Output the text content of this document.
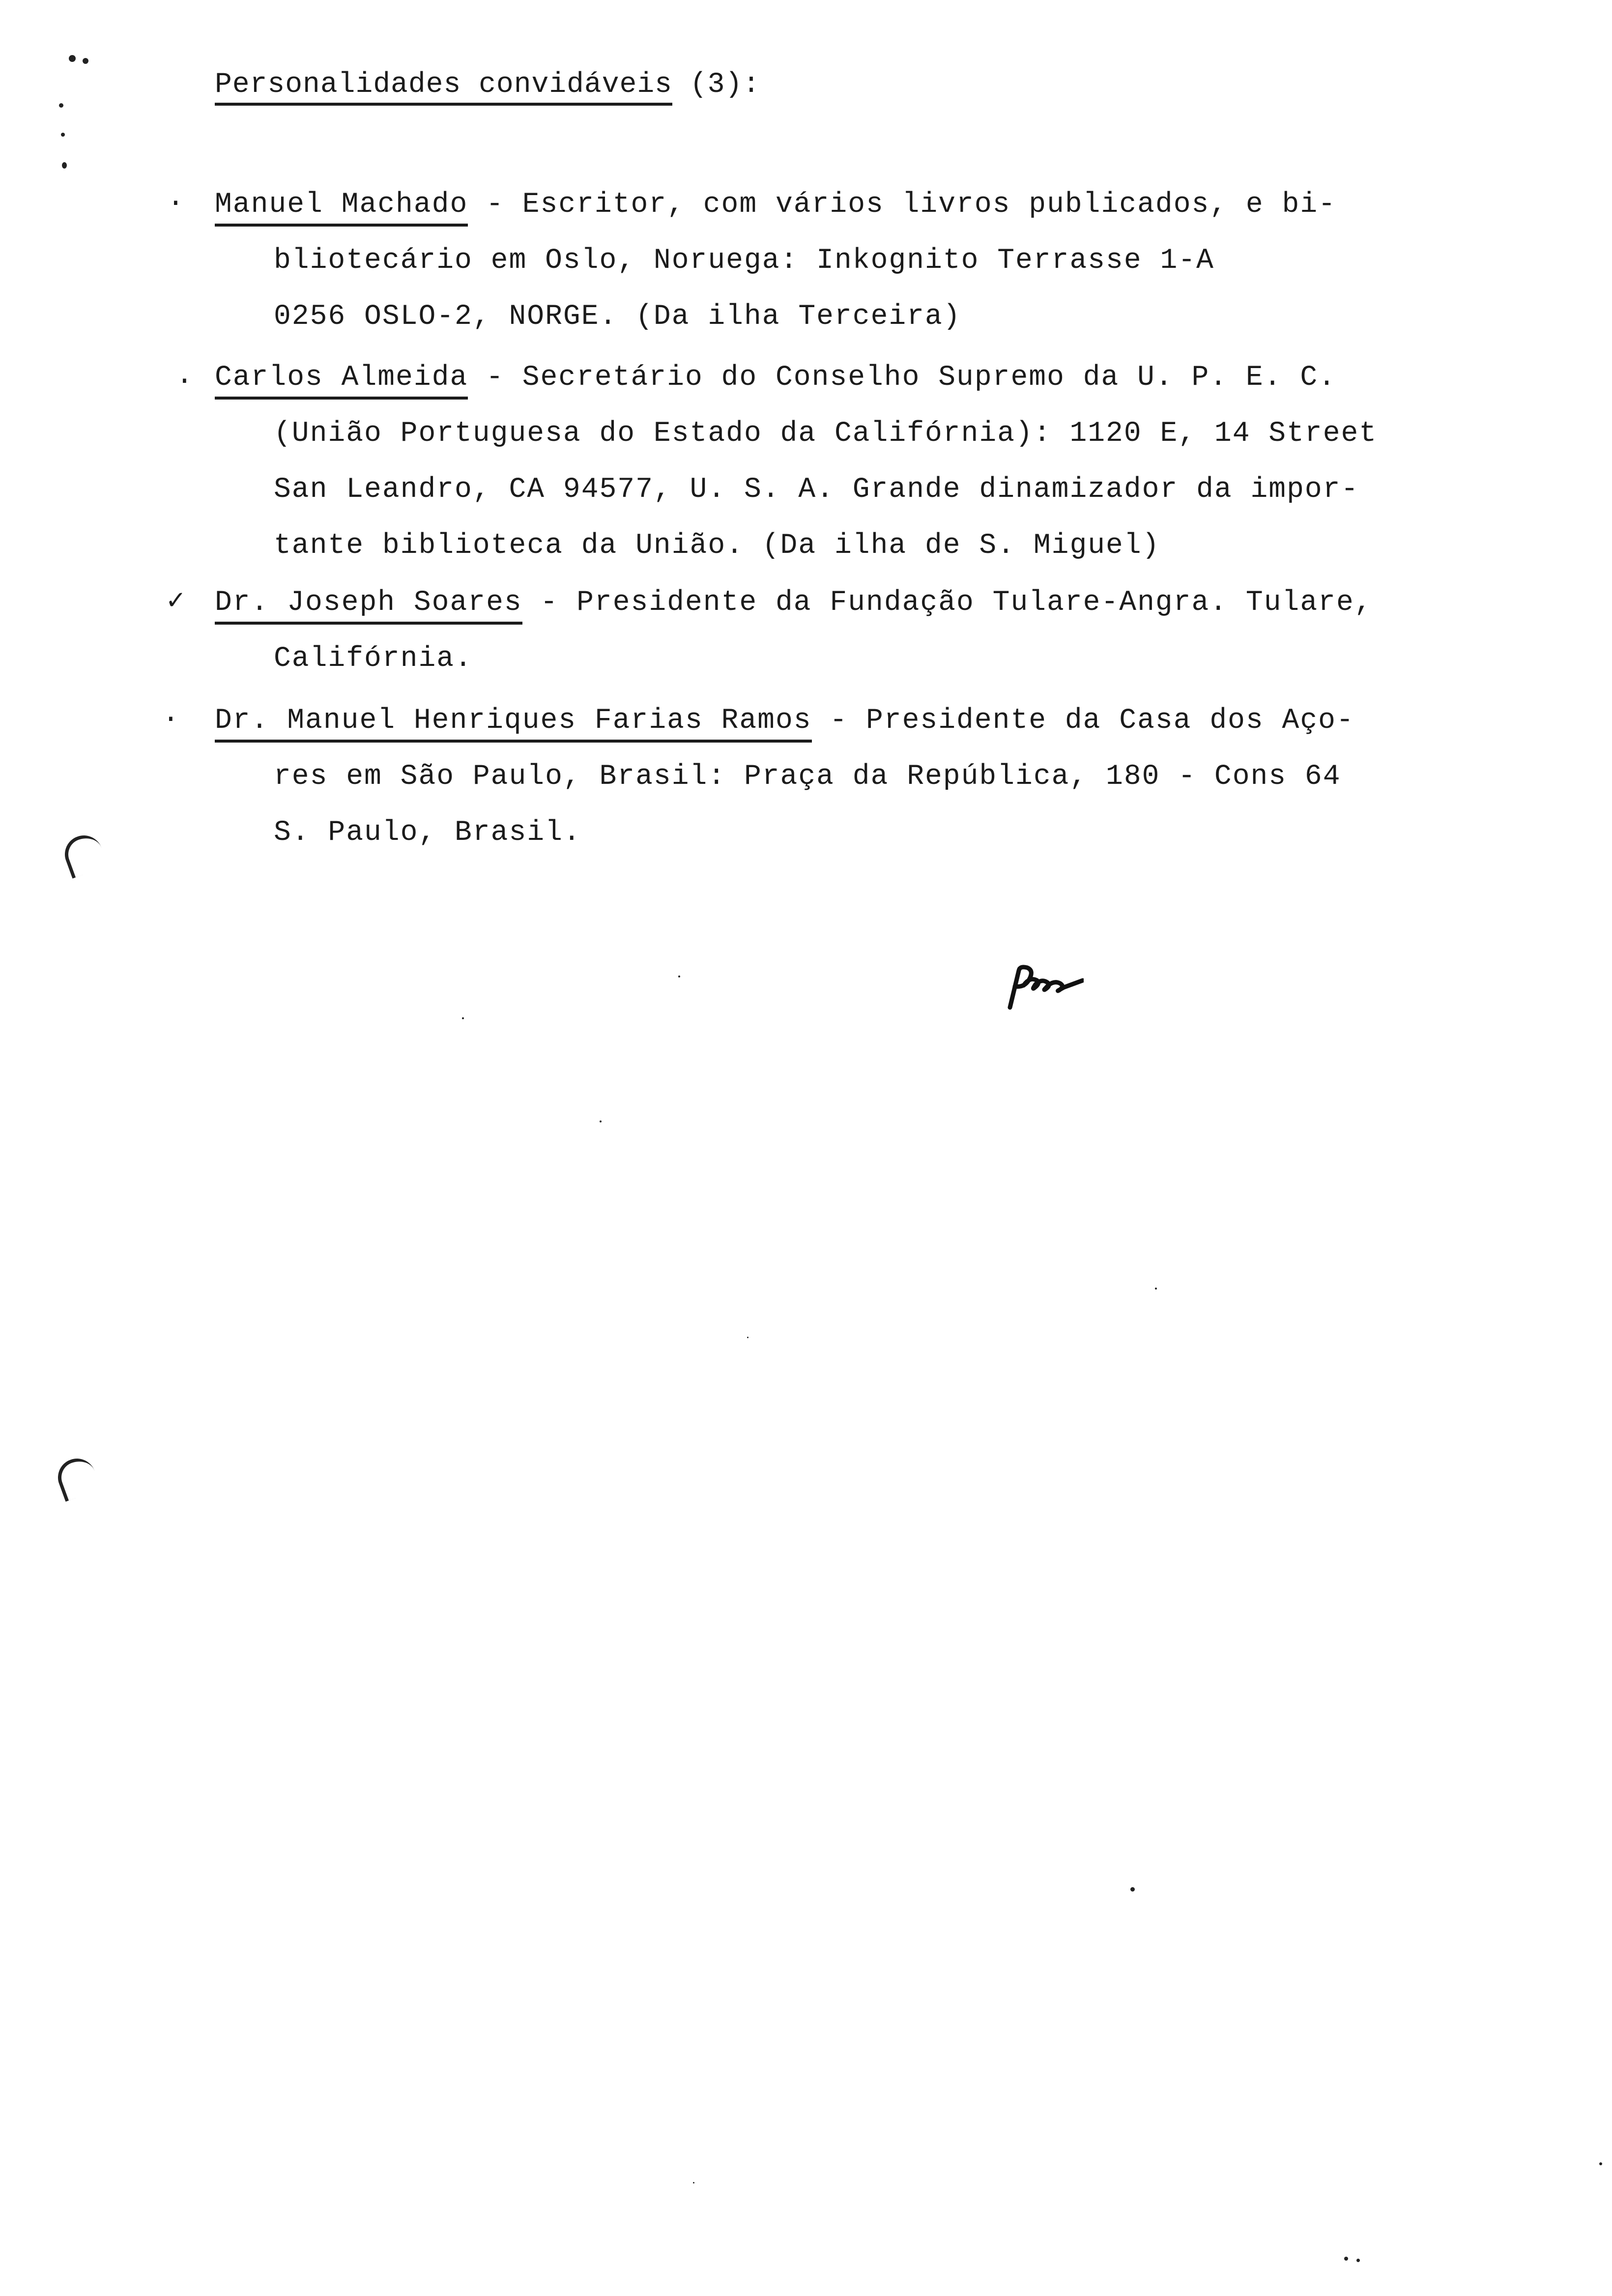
Personalidades convidáveis (3):
· Manuel Machado - Escritor, com vários livros publicados, e bi-
bliotecário em Oslo, Noruega: Inkognito Terrasse 1-A
0256 OSLO-2, NORGE. (Da ilha Terceira)
. Carlos Almeida - Secretário do Conselho Supremo da U. P. E. C.
(União Portuguesa do Estado da Califórnia): 1120 E, 14 Street
San Leandro, CA 94577, U. S. A. Grande dinamizador da impor-
tante biblioteca da União. (Da ilha de S. Miguel)
✓ Dr. Joseph Soares - Presidente da Fundação Tulare-Angra. Tulare,
Califórnia.
· Dr. Manuel Henriques Farias Ramos - Presidente da Casa dos Aço-
res em São Paulo, Brasil: Praça da República, 180 - Cons 64
S. Paulo, Brasil.
